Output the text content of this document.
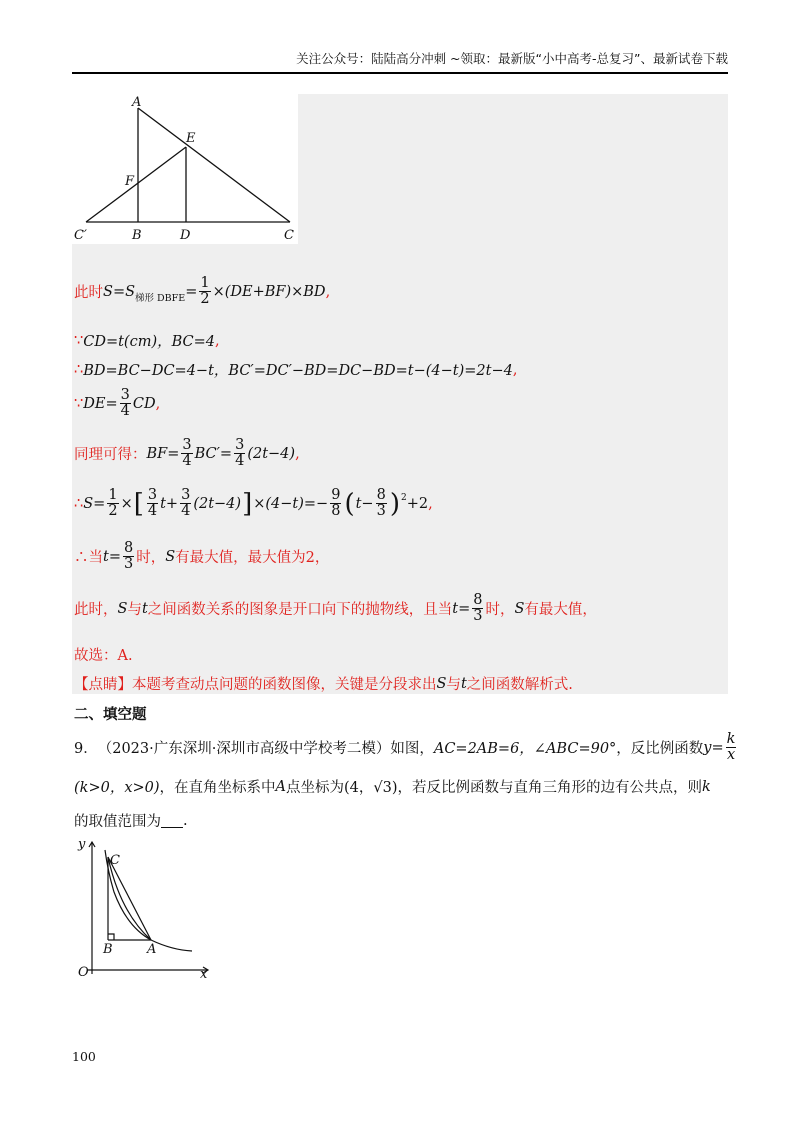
关注公众号：陆陆高分冲刺 ~领取：最新版“小中高考-总复习”、最新试卷下载
A
E
F
C′	B	D	C
此时 S = S 梯形 DBFE = $\frac{1}{2} \times(DE+BF)\times BD$ ,
∵ CD=t(cm)，BC=4 ,
∴ BD=BC−DC=4−t，BC′=DC′−BD=DC−BD=t−(4−t)=2t−4 ,
∵ $DE= \frac{3}{4}$ CD ,
同理可得： $BF= \frac{3}{4} BC'= \frac{3}{4} (2t-4)$ ,
∴ $S= \frac{1}{2}$ × [ $\frac{3}{4} t+ \frac{3}{4} (2t-4)$ ] $\times(4-t)=- \frac{9}{8}$ ( $t- \frac{8}{3}$ ) 2 +2 ,
∴当 $t= \frac{8}{3}$ 时， S 有最大值，最大值为2，
此时， S 与 t 之间函数关系的图象是开口向下的抛物线，且当 $t= \frac{8}{3}$ 时， S 有最大值，
故选：A.
【点睛】 本题考查动点问题的函数图像，关键是分段求出 S 与 t 之间函数解析式.
二、填空题
9． （2023·广东深圳·深圳市高级中学校考二模）如图， AC=2AB=6，∠ABC=90° ，反比例函数 $y= \frac{k}{x}$
(k>0，x>0) ，在直角坐标系中 A 点坐标为 (4，√3) ，若反比例函数与直角三角形的边有公共点，则 k
的取值范围为 .
y
C
B	A
O	x
100
